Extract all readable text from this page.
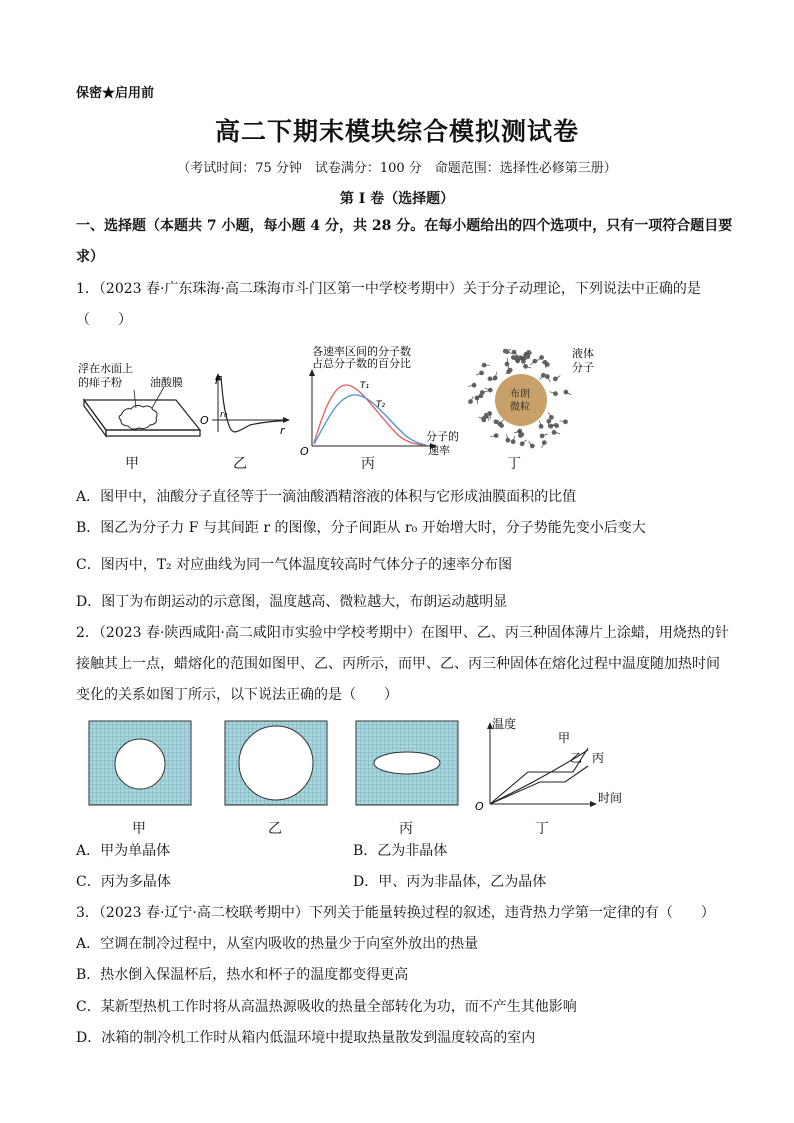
保密★启用前
高二下期末模块综合模拟测试卷
（考试时间：75 分钟　试卷满分：100 分　命题范围：选择性必修第三册）
第 I 卷（选择题）
一、选择题（本题共 7 小题，每小题 4 分，共 28 分。在每小题给出的四个选项中，只有一项符合题目要
求）
1．（2023 春·广东珠海·高二珠海市斗门区第一中学校考期中）关于分子动理论，下列说法中正确的是
（　　）
浮在水面上
的痱子粉	油酸膜
甲
F
O r₀
r
乙
各速率区间的分子数
占总分子数的百分比
T₁
T₂
O
分子的
速率
丙
布朗
微粒
液体
分子
丁
A．图甲中，油酸分子直径等于一滴油酸酒精溶液的体积与它形成油膜面积的比值
B．图乙为分子力 F 与其间距 r 的图像，分子间距从 r₀ 开始增大时，分子势能先变小后变大
C．图丙中，T₂ 对应曲线为同一气体温度较高时气体分子的速率分布图
D．图丁为布朗运动的示意图，温度越高、微粒越大，布朗运动越明显
2．（2023 春·陕西咸阳·高二咸阳市实验中学校考期中）在图甲、乙、丙三种固体薄片上涂蜡，用烧热的针
接触其上一点，蜡熔化的范围如图甲、乙、丙所示，而甲、乙、丙三种固体在熔化过程中温度随加热时间
变化的关系如图丁所示，以下说法正确的是（　　）
温度
时间
O
甲
乙 丙
甲	乙	丙	丁
A．甲为单晶体	B．乙为非晶体
C．丙为多晶体	D．甲、丙为非晶体，乙为晶体
3．（2023 春·辽宁·高二校联考期中）下列关于能量转换过程的叙述，违背热力学第一定律的有（　　）
A．空调在制冷过程中，从室内吸收的热量少于向室外放出的热量
B．热水倒入保温杯后，热水和杯子的温度都变得更高
C．某新型热机工作时将从高温热源吸收的热量全部转化为功，而不产生其他影响
D．冰箱的制冷机工作时从箱内低温环境中提取热量散发到温度较高的室内
